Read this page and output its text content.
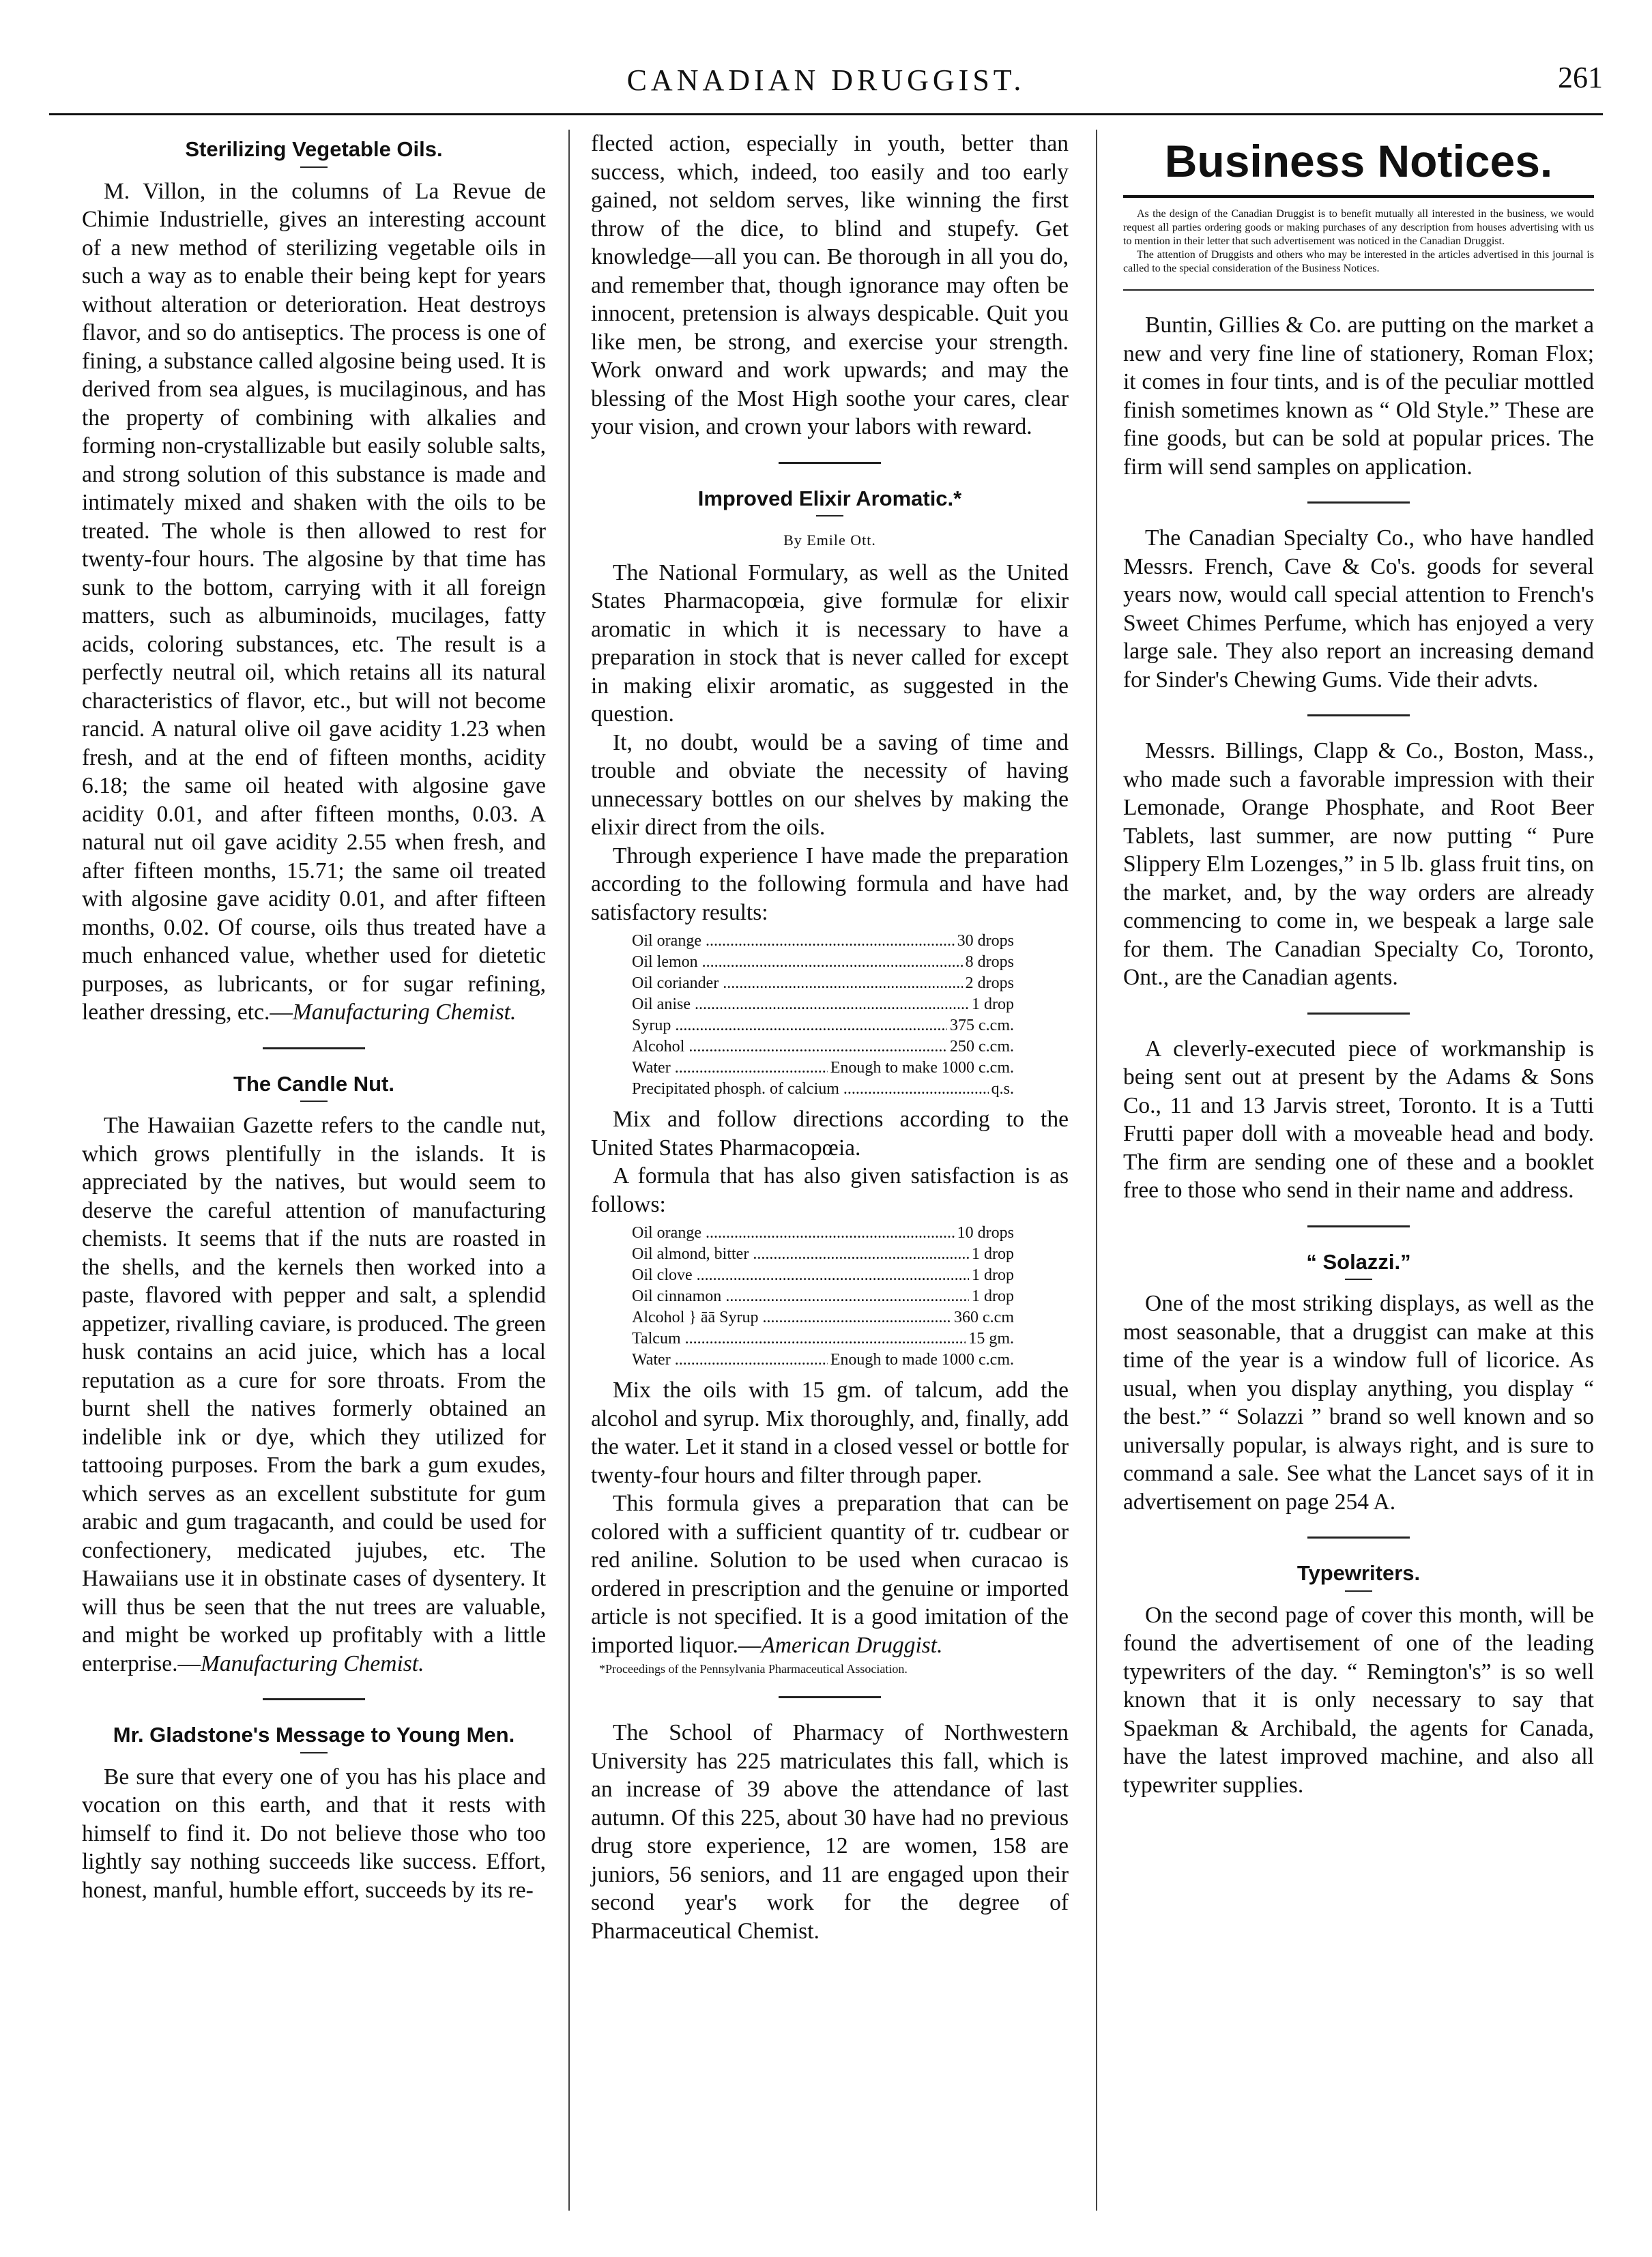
CANADIAN DRUGGIST.	261
Sterilizing Vegetable Oils.

M. Villon, in the columns of La Revue de Chimie Industrielle, gives an interesting account of a new method of sterilizing vegetable oils in such a way as to enable their being kept for years without alteration or deterioration. Heat destroys flavor, and so do antiseptics. The process is one of fining, a substance called algosine being used. It is derived from sea algues, is mucilaginous, and has the property of combining with alkalies and forming non-crystallizable but easily soluble salts, and strong solution of this substance is made and intimately mixed and shaken with the oils to be treated. The whole is then allowed to rest for twenty-four hours. The algosine by that time has sunk to the bottom, carrying with it all foreign matters, such as albuminoids, mucilages, fatty acids, coloring substances, etc. The result is a perfectly neutral oil, which retains all its natural characteristics of flavor, etc., but will not become rancid. A natural olive oil gave acidity 1.23 when fresh, and at the end of fifteen months, acidity 6.18; the same oil heated with algosine gave acidity 0.01, and after fifteen months, 0.03. A natural nut oil gave acidity 2.55 when fresh, and after fifteen months, 15.71; the same oil treated with algosine gave acidity 0.01, and after fifteen months, 0.02. Of course, oils thus treated have a much enhanced value, whether used for dietetic purposes, as lubricants, or for sugar refining, leather dressing, etc.—Manufacturing Chemist.

The Candle Nut.

The Hawaiian Gazette refers to the candle nut, which grows plentifully in the islands. It is appreciated by the natives, but would seem to deserve the careful attention of manufacturing chemists. It seems that if the nuts are roasted in the shells, and the kernels then worked into a paste, flavored with pepper and salt, a splendid appetizer, rivalling caviare, is produced. The green husk contains an acid juice, which has a local reputation as a cure for sore throats. From the burnt shell the natives formerly obtained an indelible ink or dye, which they utilized for tattooing purposes. From the bark a gum exudes, which serves as an excellent substitute for gum arabic and gum tragacanth, and could be used for confectionery, medicated jujubes, etc. The Hawaiians use it in obstinate cases of dysentery. It will thus be seen that the nut trees are valuable, and might be worked up profitably with a little enterprise.—Manufacturing Chemist.

Mr. Gladstone's Message to Young Men.

Be sure that every one of you has his place and vocation on this earth, and that it rests with himself to find it. Do not believe those who too lightly say nothing succeeds like success. Effort, honest, manful, humble effort, succeeds by its re-

flected action, especially in youth, better than success, which, indeed, too easily and too early gained, not seldom serves, like winning the first throw of the dice, to blind and stupefy. Get knowledge—all you can. Be thorough in all you do, and remember that, though ignorance may often be innocent, pretension is always despicable. Quit you like men, be strong, and exercise your strength. Work onward and work upwards; and may the blessing of the Most High soothe your cares, clear your vision, and crown your labors with reward.

Improved Elixir Aromatic.*
By Emile Ott.

The National Formulary, as well as the United States Pharmacopœia, give formulæ for elixir aromatic in which it is necessary to have a preparation in stock that is never called for except in making elixir aromatic, as suggested in the question.

It, no doubt, would be a saving of time and trouble and obviate the necessity of having unnecessary bottles on our shelves by making the elixir direct from the oils.

Through experience I have made the preparation according to the following formula and have had satisfactory results:

Oil orange .....	30 drops
Oil lemon .....	8 drops
Oil coriander .....	2 drops
Oil anise .....	1 drop
Syrup .....	375 c.cm.
Alcohol .....	250 c.cm.
Water .....	Enough to make 1000 c.cm.
Precipitated phosph. of calcium .....	q.s.

Mix and follow directions according to the United States Pharmacopœia.

A formula that has also given satisfaction is as follows:

Oil orange .....	10 drops
Oil almond, bitter .....	1 drop
Oil clove .....	1 drop
Oil cinnamon .....	1 drop
Alcohol } āā Syrup .....	360 c.cm
Talcum .....	15 gm.
Water .....	Enough to made 1000 c.cm.

Mix the oils with 15 gm. of talcum, add the alcohol and syrup. Mix thoroughly, and, finally, add the water. Let it stand in a closed vessel or bottle for twenty-four hours and filter through paper.

This formula gives a preparation that can be colored with a sufficient quantity of tr. cudbear or red aniline. Solution to be used when curacao is ordered in prescription and the genuine or imported article is not specified. It is a good imitation of the imported liquor.—American Druggist.

*Proceedings of the Pennsylvania Pharmaceutical Association.

The School of Pharmacy of Northwestern University has 225 matriculates this fall, which is an increase of 39 above the attendance of last autumn. Of this 225, about 30 have had no previous drug store experience, 12 are women, 158 are juniors, 56 seniors, and 11 are engaged upon their second year's work for the degree of Pharmaceutical Chemist.

Business Notices.

As the design of the Canadian Druggist is to benefit mutually all interested in the business, we would request all parties ordering goods or making purchases of any description from houses advertising with us to mention in their letter that such advertisement was noticed in the Canadian Druggist.

The attention of Druggists and others who may be interested in the articles advertised in this journal is called to the special consideration of the Business Notices.

Buntin, Gillies & Co. are putting on the market a new and very fine line of stationery, Roman Flox; it comes in four tints, and is of the peculiar mottled finish sometimes known as “ Old Style.” These are fine goods, but can be sold at popular prices. The firm will send samples on application.

The Canadian Specialty Co., who have handled Messrs. French, Cave & Co's. goods for several years now, would call special attention to French's Sweet Chimes Perfume, which has enjoyed a very large sale. They also report an increasing demand for Sinder's Chewing Gums. Vide their advts.

Messrs. Billings, Clapp & Co., Boston, Mass., who made such a favorable impression with their Lemonade, Orange Phosphate, and Root Beer Tablets, last summer, are now putting “ Pure Slippery Elm Lozenges,” in 5 lb. glass fruit tins, on the market, and, by the way orders are already commencing to come in, we bespeak a large sale for them. The Canadian Specialty Co, Toronto, Ont., are the Canadian agents.

A cleverly-executed piece of workmanship is being sent out at present by the Adams & Sons Co., 11 and 13 Jarvis street, Toronto. It is a Tutti Frutti paper doll with a moveable head and body. The firm are sending one of these and a booklet free to those who send in their name and address.

“ Solazzi.”

One of the most striking displays, as well as the most seasonable, that a druggist can make at this time of the year is a window full of licorice. As usual, when you display anything, you display “ the best.” “ Solazzi ” brand so well known and so universally popular, is always right, and is sure to command a sale. See what the Lancet says of it in advertisement on page 254 A.

Typewriters.

On the second page of cover this month, will be found the advertisement of one of the leading typewriters of the day. “ Remington's” is so well known that it is only necessary to say that Spaekman & Archibald, the agents for Canada, have the latest improved machine, and also all typewriter supplies.
